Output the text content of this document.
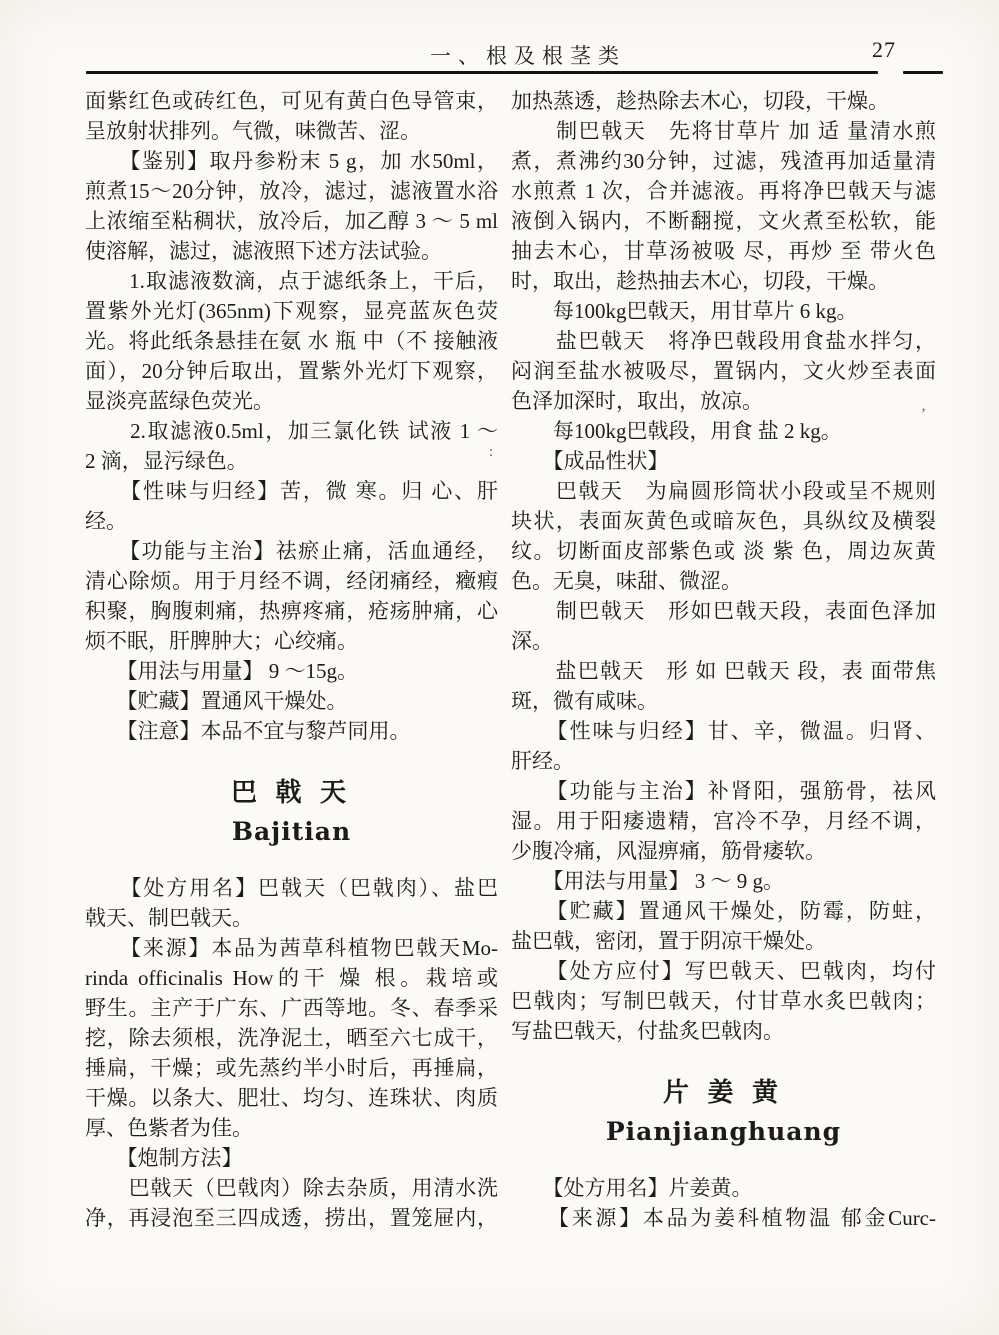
一、根及根茎类	27
面紫红色或砖红色，可见有黄白色导管束，
呈放射状排列。气微，味微苦、涩。
　　【鉴别】取丹参粉末 5 g，加 水50ml，
煎煮15～20分钟，放冷，滤过，滤液置水浴
上浓缩至粘稠状，放冷后，加乙醇 3 ～ 5 ml
使溶解，滤过，滤液照下述方法试验。
　　1.取滤液数滴，点于滤纸条上，干后，
置紫外光灯(365nm)下观察，显亮蓝灰色荧
光。将此纸条悬挂在氨 水 瓶 中（不 接触液
面），20分钟后取出，置紫外光灯下观察，
显淡亮蓝绿色荧光。
　　2.取滤液0.5ml，加三氯化铁 试液 1 ～
2 滴，显污绿色。
　　【性味与归经】苦，微 寒。归 心、肝
经。
　　【功能与主治】祛瘀止痛，活血通经，
清心除烦。用于月经不调，经闭痛经，癥瘕
积聚，胸腹刺痛，热痹疼痛，疮疡肿痛，心
烦不眠，肝脾肿大；心绞痛。
　　【用法与用量】 9 ～15g。
　　【贮藏】置通风干燥处。
　　【注意】本品不宜与黎芦同用。
巴 戟 天
Bajitian
　　【处方用名】巴戟天（巴戟肉）、盐巴
戟天、制巴戟天。
　　【来源】本品为茜草科植物巴戟天Mo-
rinda officinalis How的干 燥 根。栽培或
野生。主产于广东、广西等地。冬、春季采
挖，除去须根，洗净泥土，晒至六七成干，
捶扁，干燥；或先蒸约半小时后，再捶扁，
干燥。以条大、肥壮、均匀、连珠状、肉质
厚、色紫者为佳。
　　【炮制方法】
　　巴戟天（巴戟肉）除去杂质，用清水洗
净，再浸泡至三四成透，捞出，置笼屉内，
加热蒸透，趁热除去木心，切段，干燥。
　　制巴戟天　先将甘草片 加 适 量清水煎
煮，煮沸约30分钟，过滤，残渣再加适量清
水煎煮 1 次，合并滤液。再将净巴戟天与滤
液倒入锅内，不断翻搅，文火煮至松软，能
抽去木心，甘草汤被吸 尽，再炒 至 带火色
时，取出，趁热抽去木心，切段，干燥。
　　每100kg巴戟天，用甘草片 6 kg。
　　盐巴戟天　将净巴戟段用食盐水拌匀，
闷润至盐水被吸尽，置锅内，文火炒至表面
色泽加深时，取出，放凉。
　　每100kg巴戟段，用食 盐 2 kg。
　　【成品性状】
　　巴戟天　为扁圆形筒状小段或呈不规则
块状，表面灰黄色或暗灰色，具纵纹及横裂
纹。切断面皮部紫色或 淡 紫 色，周边灰黄
色。无臭，味甜、微涩。
　　制巴戟天　形如巴戟天段，表面色泽加
深。
　　盐巴戟天　形 如 巴戟天 段，表 面带焦
斑，微有咸味。
　　【性味与归经】甘、辛，微温。归肾、
肝经。
　　【功能与主治】补肾阳，强筋骨，祛风
湿。用于阳痿遗精，宫冷不孕，月经不调，
少腹冷痛，风湿痹痛，筋骨痿软。
　　【用法与用量】 3 ～ 9 g。
　　【贮藏】置通风干燥处，防霉，防蛀，
盐巴戟，密闭，置于阴凉干燥处。
　　【处方应付】写巴戟天、巴戟肉，均付
巴戟肉；写制巴戟天，付甘草水炙巴戟肉；
写盐巴戟天，付盐炙巴戟肉。
片 姜 黄
Pianjianghuang
　　【处方用名】片姜黄。
　　【来源】本品为姜科植物温 郁金Curc-
:
’
